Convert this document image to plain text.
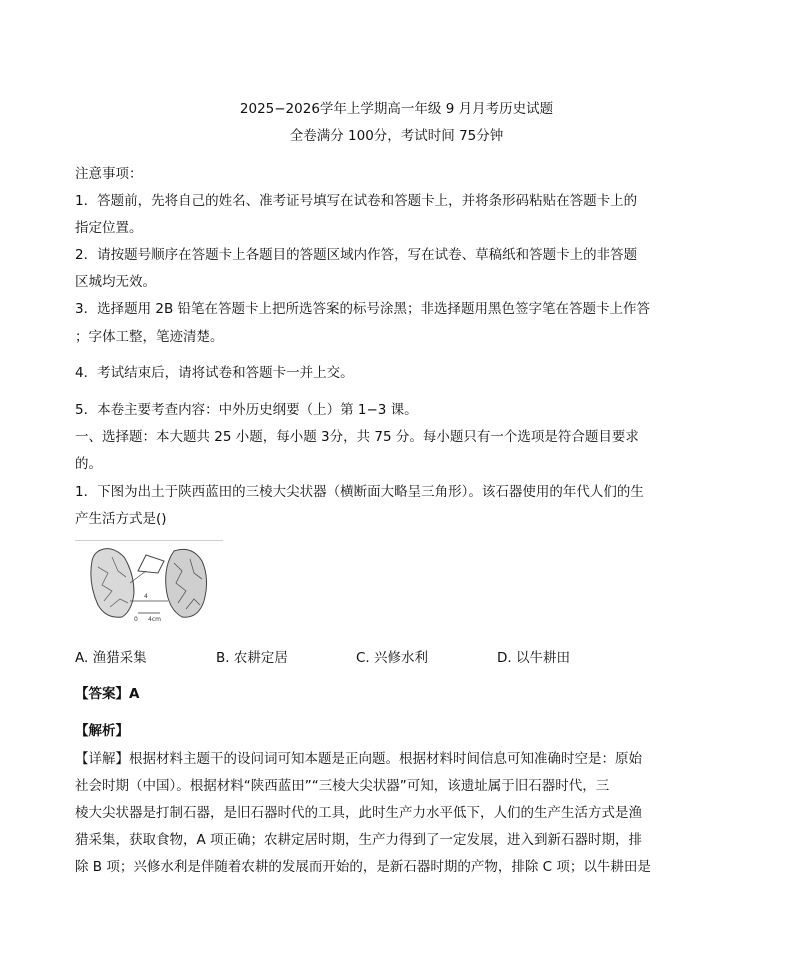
2025−2026学年上学期高一年级 9 月月考历史试题
全卷满分 100分，考试时间 75分钟
注意事项：
1．答题前，先将自己的姓名、准考证号填写在试卷和答题卡上，并将条形码粘贴在答题卡上的
指定位置。
2．请按题号顺序在答题卡上各题目的答题区域内作答，写在试卷、草稿纸和答题卡上的非答题
区城均无效。
3．选择题用 2B 铅笔在答题卡上把所选答案的标号涂黑；非选择题用黑色签字笔在答题卡上作答
；字体工整，笔迹清楚。
4．考试结束后，请将试卷和答题卡一并上交。
5．本卷主要考查内容：中外历史纲要（上）第 1−3 课。
一、选择题：本大题共 25 小题，每小题 3分，共 75 分。每小题只有一个选项是符合题目要求
的。
1．下图为出土于陕西蓝田的三棱大尖状器（横断面大略呈三角形）。该石器使用的年代人们的生
产生活方式是()
4
0 4cm
A. 渔猎采集	B. 农耕定居	C. 兴修水利	D. 以牛耕田
【答案】A
【解析】
【详解】根据材料主题干的设问词可知本题是正向题。根据材料时间信息可知准确时空是：原始
社会时期（中国）。根据材料“陕西蓝田”“三棱大尖状器”可知，该遗址属于旧石器时代，三
棱大尖状器是打制石器，是旧石器时代的工具，此时生产力水平低下，人们的生产生活方式是渔
猎采集，获取食物，A 项正确；农耕定居时期，生产力得到了一定发展，进入到新石器时期，排
除 B 项；兴修水利是伴随着农耕的发展而开始的，是新石器时期的产物，排除 C 项；以牛耕田是
